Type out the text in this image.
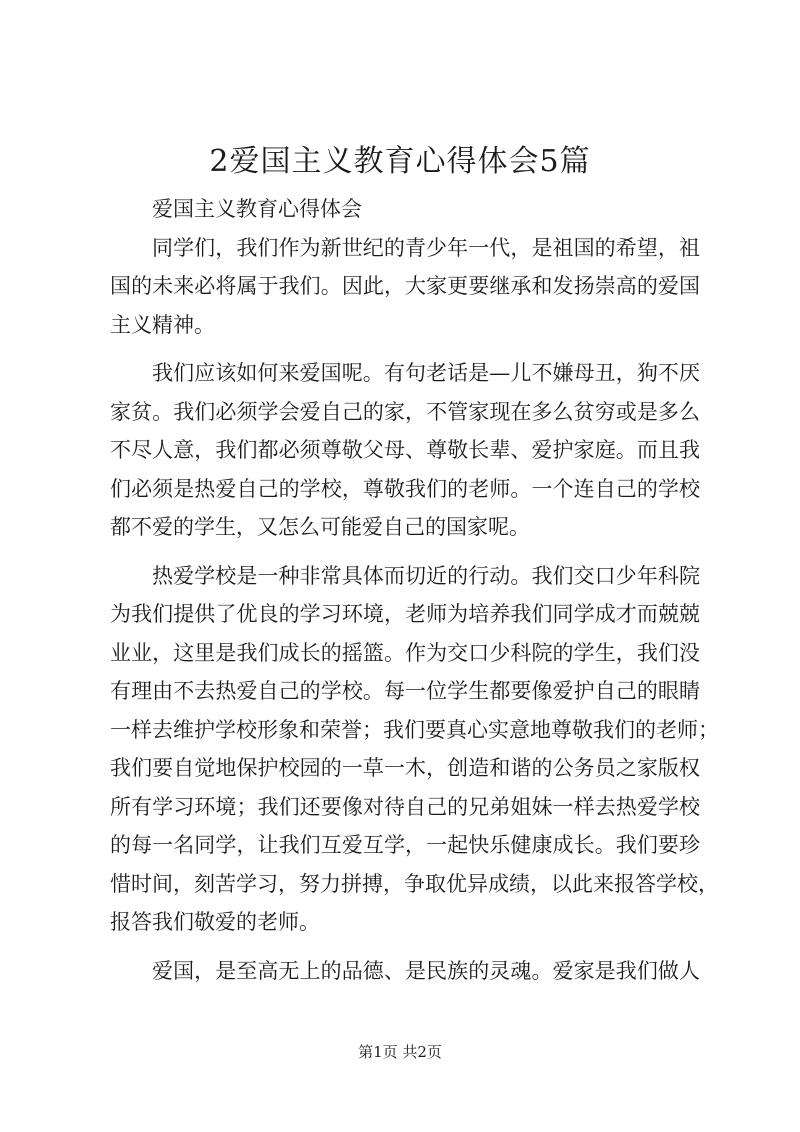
2爱国主义教育心得体会5篇
爱国主义教育心得体会
同学们，我们作为新世纪的青少年一代，是祖国的希望，祖
国的未来必将属于我们。因此，大家更要继承和发扬崇高的爱国
主义精神。
我们应该如何来爱国呢。有句老话是—儿不嫌母丑，狗不厌
家贫。我们必须学会爱自己的家，不管家现在多么贫穷或是多么
不尽人意，我们都必须尊敬父母、尊敬长辈、爱护家庭。而且我
们必须是热爱自己的学校，尊敬我们的老师。一个连自己的学校
都不爱的学生，又怎么可能爱自己的国家呢。
热爱学校是一种非常具体而切近的行动。我们交口少年科院
为我们提供了优良的学习环境，老师为培养我们同学成才而兢兢
业业，这里是我们成长的摇篮。作为交口少科院的学生，我们没
有理由不去热爱自己的学校。每一位学生都要像爱护自己的眼睛
一样去维护学校形象和荣誉；我们要真心实意地尊敬我们的老师；
我们要自觉地保护校园的一草一木，创造和谐的公务员之家版权
所有学习环境；我们还要像对待自己的兄弟姐妹一样去热爱学校
的每一名同学，让我们互爱互学，一起快乐健康成长。我们要珍
惜时间，刻苦学习，努力拼搏，争取优异成绩，以此来报答学校，
报答我们敬爱的老师。
爱国，是至高无上的品德、是民族的灵魂。爱家是我们做人
第1页 共2页
